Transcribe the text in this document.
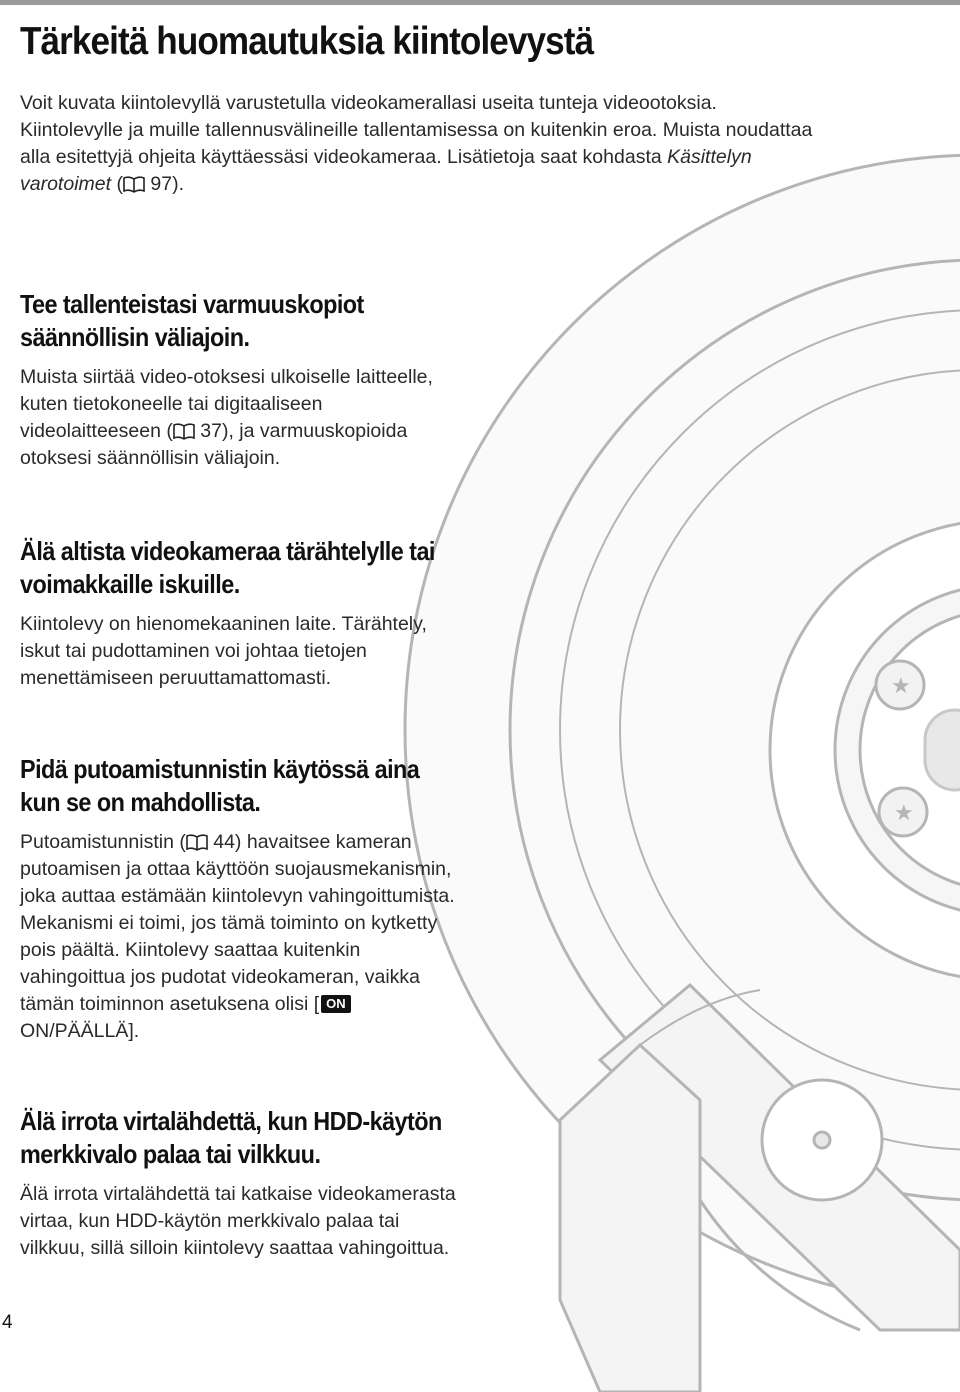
★
★
Tärkeitä huomautuksia kiintolevystä

Voit kuvata kiintolevyllä varustetulla videokamerallasi useita tunteja videootoksia. Kiintolevylle ja muille tallennusvälineille tallentamisessa on kuitenkin eroa. Muista noudattaa alla esitettyjä ohjeita käyttäessäsi videokameraa. Lisätietoja saat kohdasta Käsittelyn varotoimet ( 97).

Tee tallenteistasi varmuuskopiot
säännöllisin väliajoin.

Muista siirtää video-otoksesi ulkoiselle laitteelle, kuten tietokoneelle tai digitaaliseen videolaitteeseen ( 37), ja varmuuskopioida otoksesi säännöllisin väliajoin.

Älä altista videokameraa tärähtelylle tai
voimakkaille iskuille.

Kiintolevy on hienomekaaninen laite. Tärähtely, iskut tai pudottaminen voi johtaa tietojen menettämiseen peruuttamattomasti.

Pidä putoamistunnistin käytössä aina
kun se on mahdollista.

Putoamistunnistin ( 44) havaitsee kameran putoamisen ja ottaa käyttöön suojausmekanismin, joka auttaa estämään kiintolevyn vahingoittumista. Mekanismi ei toimi, jos tämä toiminto on kytketty pois päältä. Kiintolevy saattaa kuitenkin vahingoittua jos pudotat videokameran, vaikka tämän toiminnon asetuksena olisi [ ON ON/PÄÄLLÄ].

Älä irrota virtalähdettä, kun HDD-käytön
merkkivalo palaa tai vilkkuu.

Älä irrota virtalähdettä tai katkaise videokamerasta virtaa, kun HDD-käytön merkkivalo palaa tai vilkkuu, sillä silloin kiintolevy saattaa vahingoittua.

4
